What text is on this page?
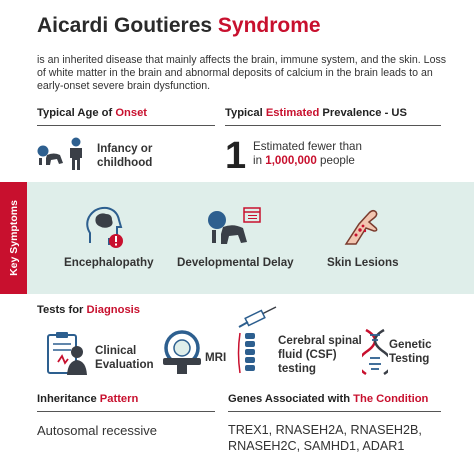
Aicardi Goutieres Syndrome
is an inherited disease that mainly affects the brain, immune system, and the skin. Loss of white matter in the brain and abnormal deposits of calcium in the brain leads to an early-onset severe brain dysfunction.
Typical Age of Onset
Infancy or
childhood
Typical Estimated Prevalence - US
1 Estimated fewer than
in 1,000,000 people
Key Symptoms	Encephalopathy Developmental Delay	Skin Lesions
Tests for Diagnosis
Clinical
Evaluation
MRI
Cerebral spinal
fluid (CSF)
testing
Genetic
Testing
Inheritance Pattern
Autosomal recessive
Genes Associated with The Condition
TREX1, RNASEH2A, RNASEH2B,
RNASEH2C, SAMHD1, ADAR1
